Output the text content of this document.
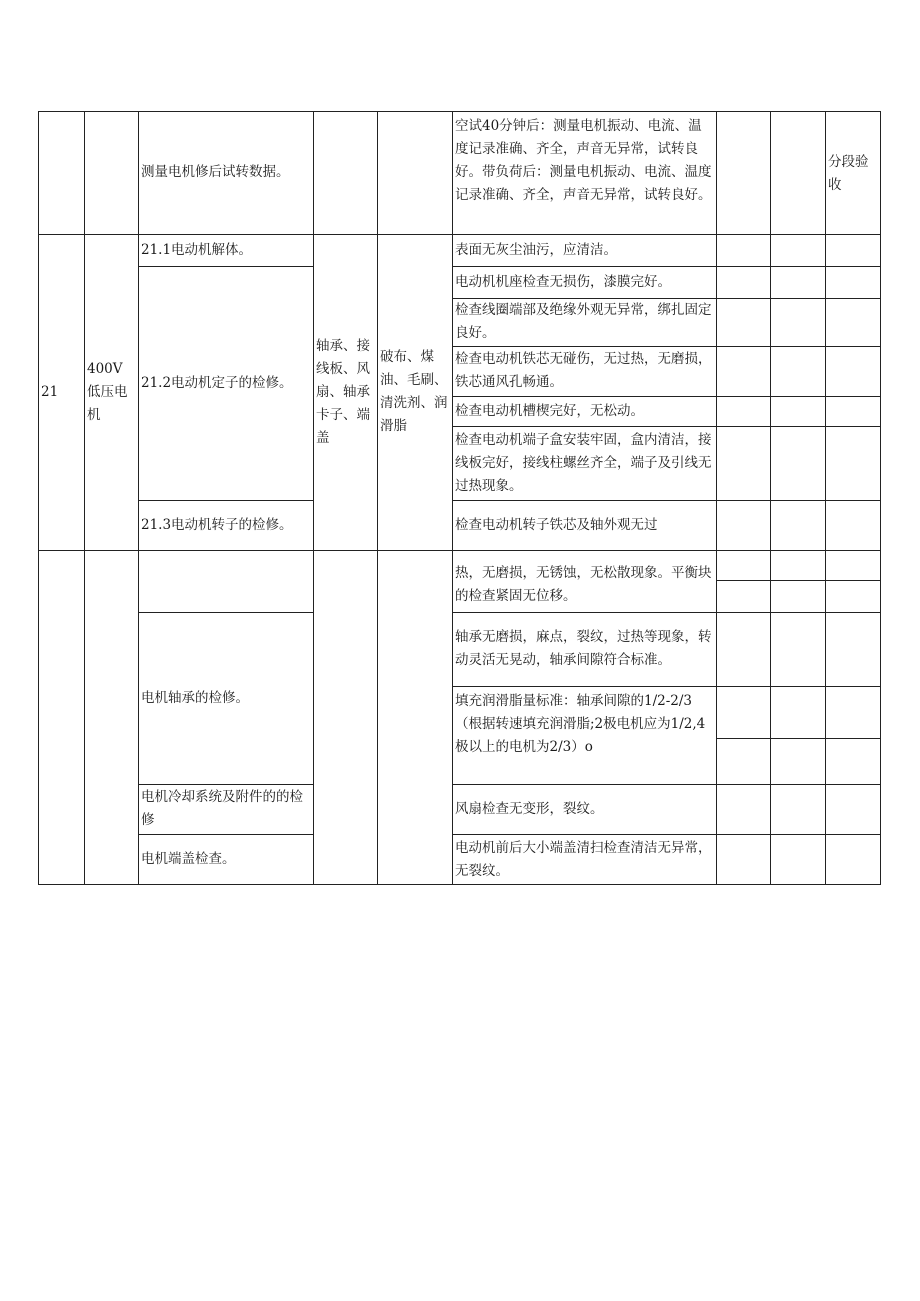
测量电机修后试转数据。
空试40分钟后：测量电机振动、电流、温度记录准确、齐全，声音无异常，试转良好。带负荷后：测量电机振动、电流、温度记录准确、齐全，声音无异常，试转良好。
分段验收
21
400V低压电机
轴承、接线板、风扇、轴承卡子、端盖
破布、煤油、毛刷、清洗剂、润滑脂
21.1电动机解体。
21.2电动机定子的检修。
21.3电动机转子的检修。
表面无灰尘油污，应清洁。
电动机机座检查无损伤，漆膜完好。
检查线圈端部及绝缘外观无异常，绑扎固定良好。
检查电动机铁芯无碰伤，无过热，无磨损，铁芯通风孔畅通。
检查电动机槽楔完好，无松动。
检查电动机端子盒安装牢固，盒内清洁，接线板完好，接线柱螺丝齐全，端子及引线无过热现象。
检查电动机转子铁芯及轴外观无过
电机轴承的检修。
电机冷却系统及附件的的检修
电机端盖检查。
热，无磨损，无锈蚀，无松散现象。平衡块的检查紧固无位移。
轴承无磨损，麻点，裂纹，过热等现象，转动灵活无晃动，轴承间隙符合标准。
填充润滑脂量标准：轴承间隙的1/2-2/3（根据转速填充润滑脂;2极电机应为1/2,4极以上的电机为2/3）o
风扇检查无变形，裂纹。
电动机前后大小端盖清扫检查清洁无异常，无裂纹。
